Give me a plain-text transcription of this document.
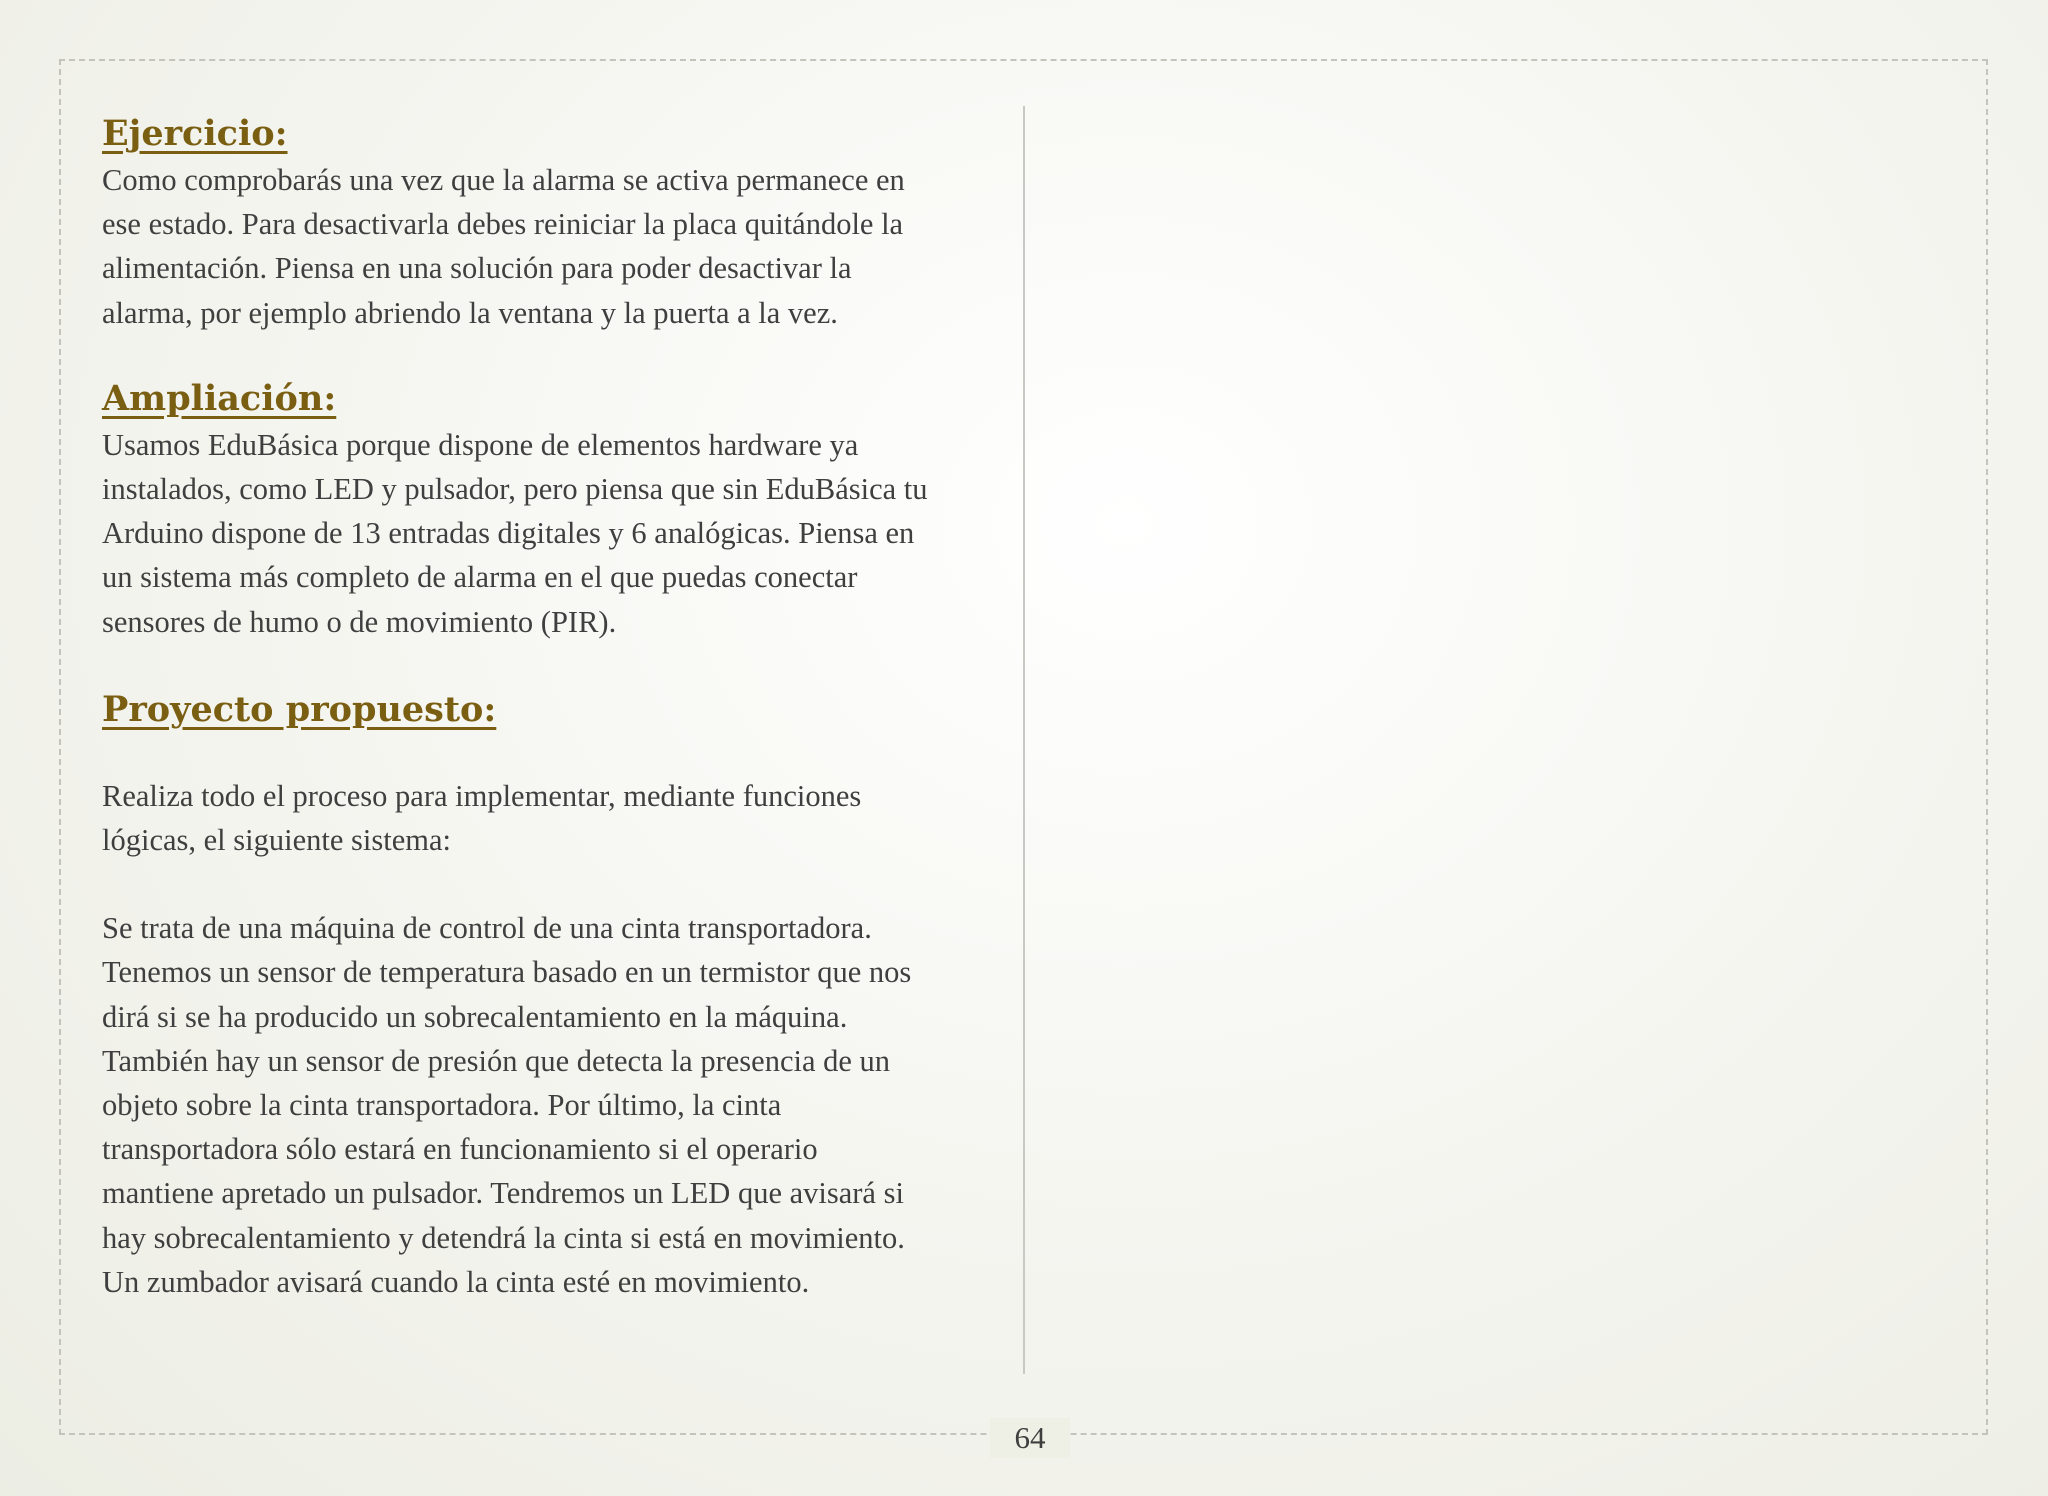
Ejercicio:

Como comprobarás una vez que la alarma se activa permanece en
ese estado. Para desactivarla debes reiniciar la placa quitándole la
alimentación. Piensa en una solución para poder desactivar la
alarma, por ejemplo abriendo la ventana y la puerta a la vez.

Ampliación:

Usamos EduBásica porque dispone de elementos hardware ya
instalados, como LED y pulsador, pero piensa que sin EduBásica tu
Arduino dispone de 13 entradas digitales y 6 analógicas. Piensa en
un sistema más completo de alarma en el que puedas conectar
sensores de humo o de movimiento (PIR).

Proyecto propuesto:

Realiza todo el proceso para implementar, mediante funciones
lógicas, el siguiente sistema:

Se trata de una máquina de control de una cinta transportadora.
Tenemos un sensor de temperatura basado en un termistor que nos
dirá si se ha producido un sobrecalentamiento en la máquina.
También hay un sensor de presión que detecta la presencia de un
objeto sobre la cinta transportadora. Por último, la cinta
transportadora sólo estará en funcionamiento si el operario
mantiene apretado un pulsador. Tendremos un LED que avisará si
hay sobrecalentamiento y detendrá la cinta si está en movimiento.
Un zumbador avisará cuando la cinta esté en movimiento.

64
